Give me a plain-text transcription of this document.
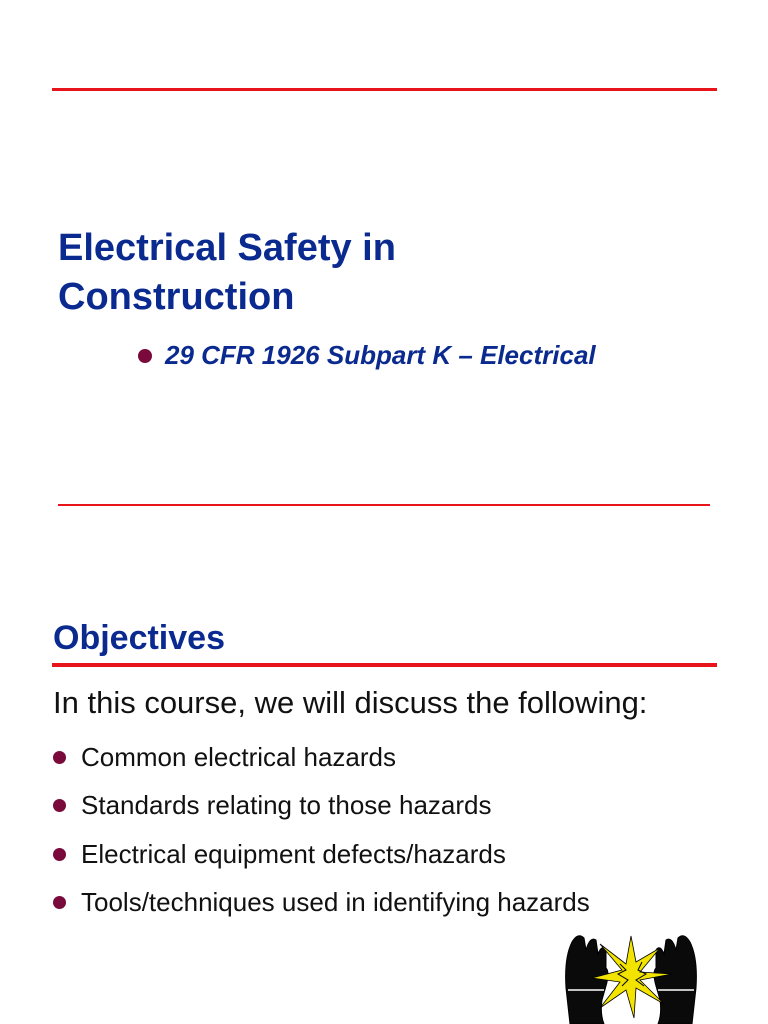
Electrical Safety in Construction
29 CFR 1926 Subpart K – Electrical
Objectives
In this course, we will discuss the following:
Common electrical hazards
Standards relating to those hazards
Electrical equipment defects/hazards
Tools/techniques used in identifying hazards
